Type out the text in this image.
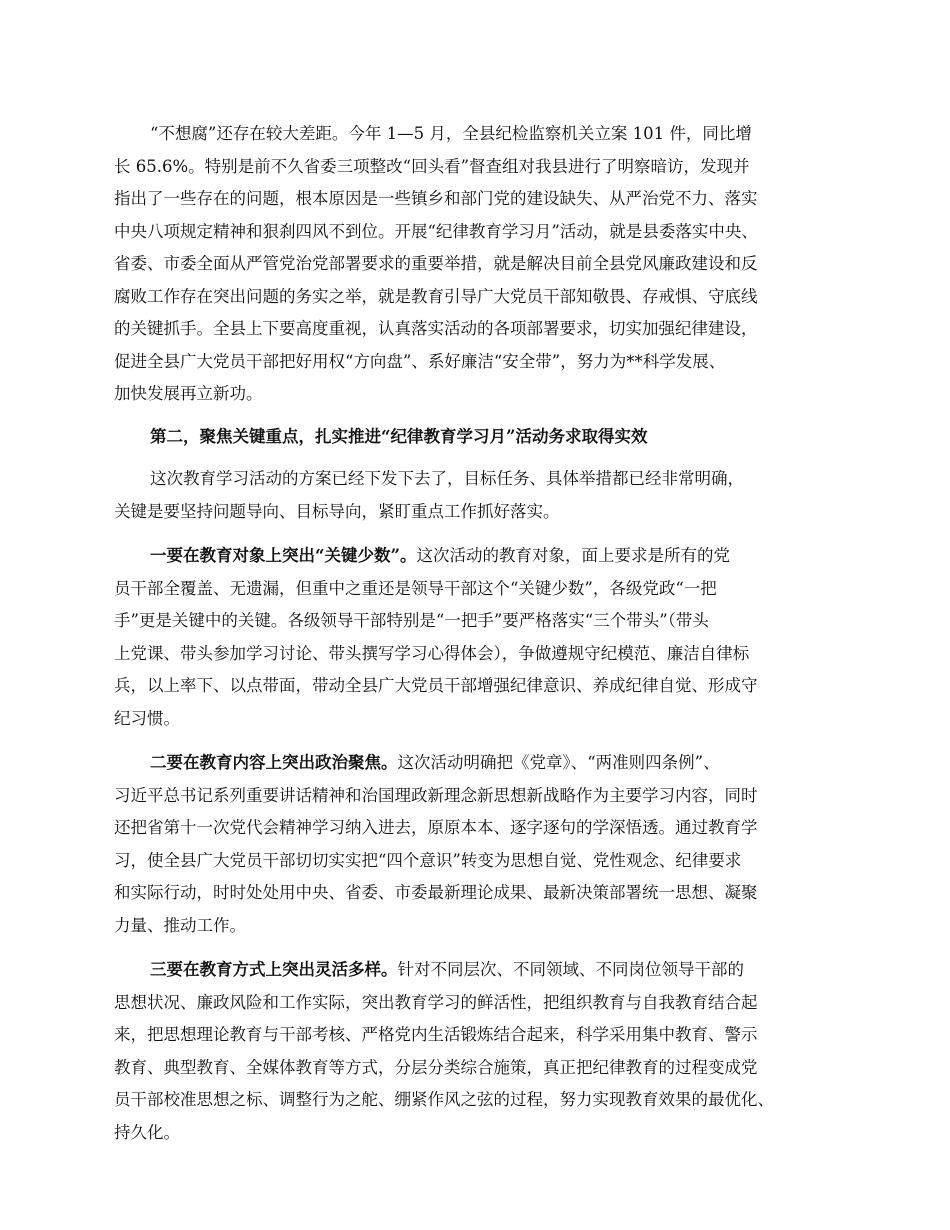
“不想腐”还存在较大差距。今年 1—5 月，全县纪检监察机关立案 101 件，同比增
长 65.6%。特别是前不久省委三项整改“回头看”督查组对我县进行了明察暗访，发现并
指出了一些存在的问题，根本原因是一些镇乡和部门党的建设缺失、从严治党不力、落实
中央八项规定精神和狠刹四风不到位。开展“纪律教育学习月”活动，就是县委落实中央、
省委、市委全面从严管党治党部署要求的重要举措，就是解决目前全县党风廉政建设和反
腐败工作存在突出问题的务实之举，就是教育引导广大党员干部知敬畏、存戒惧、守底线
的关键抓手。全县上下要高度重视，认真落实活动的各项部署要求，切实加强纪律建设，
促进全县广大党员干部把好用权“方向盘”、系好廉洁“安全带”，努力为**科学发展、
加快发展再立新功。
第二，聚焦关键重点，扎实推进“纪律教育学习月”活动务求取得实效
这次教育学习活动的方案已经下发下去了，目标任务、具体举措都已经非常明确，
关键是要坚持问题导向、目标导向，紧盯重点工作抓好落实。
一要在教育对象上突出“关键少数”。这次活动的教育对象，面上要求是所有的党
员干部全覆盖、无遗漏，但重中之重还是领导干部这个“关键少数”，各级党政“一把
手”更是关键中的关键。各级领导干部特别是“一把手”要严格落实“三个带头”（带头
上党课、带头参加学习讨论、带头撰写学习心得体会），争做遵规守纪模范、廉洁自律标
兵，以上率下、以点带面，带动全县广大党员干部增强纪律意识、养成纪律自觉、形成守
纪习惯。
二要在教育内容上突出政治聚焦。这次活动明确把《党章》、“两准则四条例”、
习近平总书记系列重要讲话精神和治国理政新理念新思想新战略作为主要学习内容，同时
还把省第十一次党代会精神学习纳入进去，原原本本、逐字逐句的学深悟透。通过教育学
习，使全县广大党员干部切切实实把“四个意识”转变为思想自觉、党性观念、纪律要求
和实际行动，时时处处用中央、省委、市委最新理论成果、最新决策部署统一思想、凝聚
力量、推动工作。
三要在教育方式上突出灵活多样。针对不同层次、不同领域、不同岗位领导干部的
思想状况、廉政风险和工作实际，突出教育学习的鲜活性，把组织教育与自我教育结合起
来，把思想理论教育与干部考核、严格党内生活锻炼结合起来，科学采用集中教育、警示
教育、典型教育、全媒体教育等方式，分层分类综合施策，真正把纪律教育的过程变成党
员干部校准思想之标、调整行为之舵、绷紧作风之弦的过程，努力实现教育效果的最优化、
持久化。
